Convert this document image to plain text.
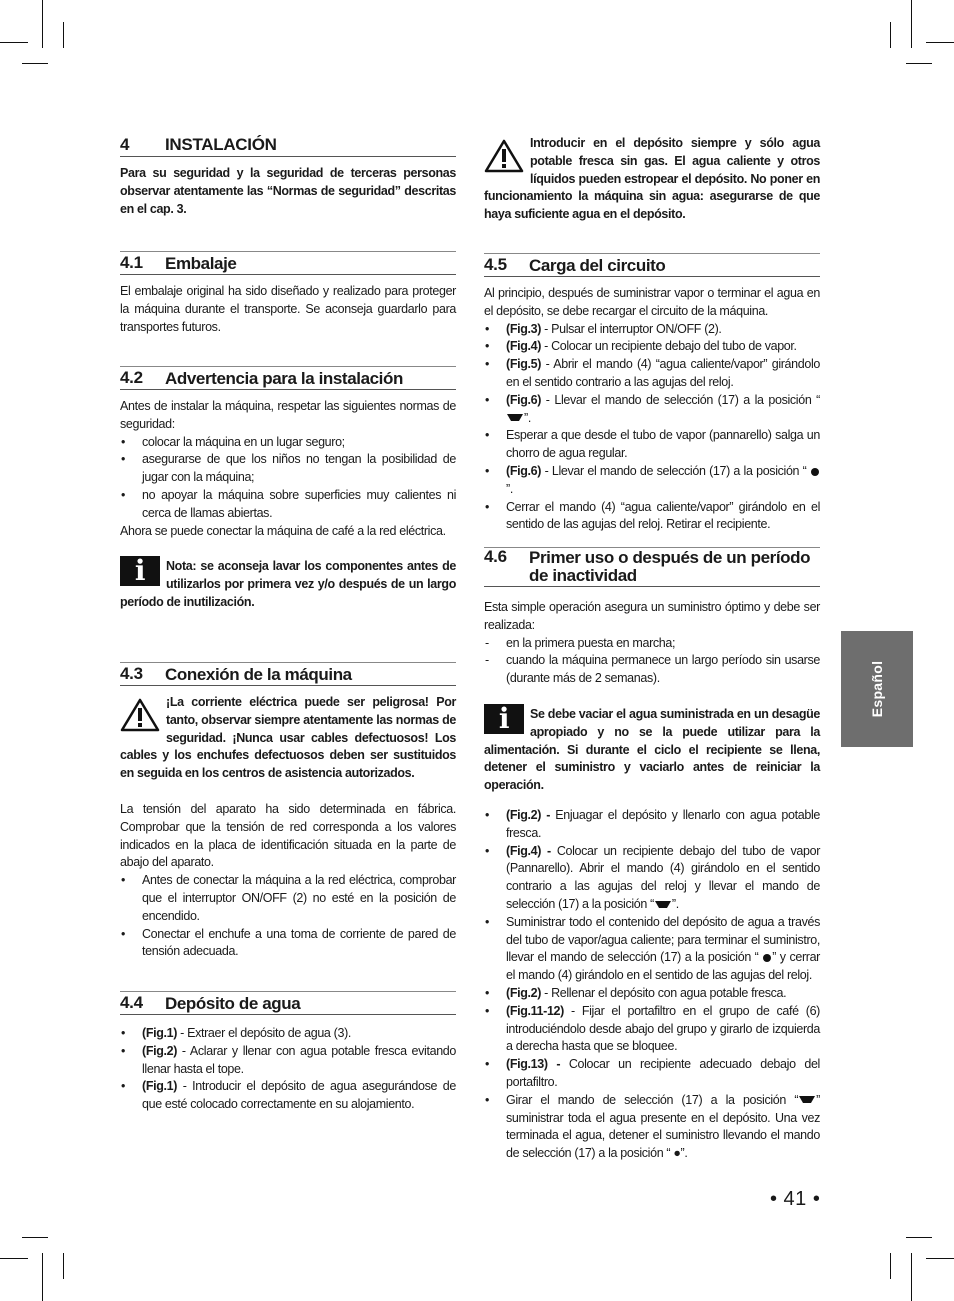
4 INSTALACIÓN

Para su seguridad y la seguridad de terceras personas observar atentamente las “Normas de seguridad” descritas en el cap. 3.

4.1 Embalaje

El embalaje original ha sido diseñado y realizado para proteger la máquina durante el transporte. Se aconseja guardarlo para transportes futuros.

4.2 Advertencia para la instalación

Antes de instalar la máquina, respetar las siguientes normas de seguridad:

• colocar la máquina en un lugar seguro;
• asegurarse de que los niños no tengan la posibilidad de jugar con la máquina;
• no apoyar la máquina sobre superficies muy calientes ni cerca de llamas abiertas.

Ahora se puede conectar la máquina de café a la red eléctrica.

i	Nota: se aconseja lavar los componentes antes de utilizarlos por primera vez y/o después de un largo período de inutilización.
4.3 Conexión de la máquina
¡La corriente eléctrica puede ser peligrosa! Por tanto, observar siempre atentamente las normas de seguridad. ¡Nunca usar cables defectuosos! Los cables y los enchufes defectuosos deben ser sustituidos en seguida en los centros de asistencia autorizados.

La tensión del aparato ha sido determinada en fábrica. Comprobar que la tensión de red corresponda a los valores indicados en la placa de identificación situada en la parte de abajo del aparato.

• Antes de conectar la máquina a la red eléctrica, comprobar que el interruptor ON/OFF (2) no esté en la posición de encendido.
• Conectar el enchufe a una toma de corriente de pared de tensión adecuada.
4.4 Depósito de agua
• (Fig.1) - Extraer el depósito de agua (3).
• (Fig.2) - Aclarar y llenar con agua potable fresca evitando llenar hasta el tope.
• (Fig.1) - Introducir el depósito de agua asegurándose de que esté colocado correctamente en su alojamiento.
Introducir en el depósito siempre y sólo agua potable fresca sin gas. El agua caliente y otros líquidos pueden estropear el depósito. No poner en funcionamiento la máquina sin agua: asegurarse de que haya suficiente agua en el depósito.
4.5 Carga del circuito

Al principio, después de suministrar vapor o terminar el agua en el depósito, se debe recargar el circuito de la máquina.

• (Fig.3) - Pulsar el interruptor ON/OFF (2).
• (Fig.4) - Colocar un recipiente debajo del tubo de vapor.
• (Fig.5) - Abrir el mando (4) “agua caliente/vapor” girándolo en el sentido contrario a las agujas del reloj.
• (Fig.6) - Llevar el mando de selección (17) a la posición “”.
• Esperar a que desde el tubo de vapor (pannarello) salga un chorro de agua regular.
• (Fig.6) - Llevar el mando de selección (17) a la posición “ ”.
• Cerrar el mando (4) “agua caliente/vapor” girándolo en el sentido de las agujas del reloj. Retirar el recipiente.
4.6 Primer uso o después de un período
de inactividad

Esta simple operación asegura un suministro óptimo y debe ser realizada:

- en la primera puesta en marcha;
- cuando la máquina permanece un largo período sin usarse (durante más de 2 semanas).
i	Se debe vaciar el agua suministrada en un desagüe apropiado y no se la puede utilizar para la alimentación. Si durante el ciclo el recipiente se llena, detener el suministro y vaciarlo antes de reiniciar la operación.
• (Fig.2) - Enjuagar el depósito y llenarlo con agua potable fresca.
• (Fig.4) - Colocar un recipiente debajo del tubo de vapor (Pannarello). Abrir el mando (4) girándolo en el sentido contrario a las agujas del reloj y llevar el mando de selección (17) a la posición “ ”.
• Suministrar todo el contenido del depósito de agua a través del tubo de vapor/agua caliente; para terminar el suministro, llevar el mando de selección (17) a la posición “ ” y cerrar el mando (4) girándolo en el sentido de las agujas del reloj.
• (Fig.2) - Rellenar el depósito con agua potable fresca.
• (Fig.11-12) - Fijar el portafiltro en el grupo de café (6) introduciéndolo desde abajo del grupo y girarlo de izquierda a derecha hasta que se bloquee.
• (Fig.13) - Colocar un recipiente adecuado debajo del portafiltro.
• Girar el mando de selección (17) a la posición “ ” suministrar toda el agua presente en el depósito. Una vez terminada el agua, detener el suministro llevando el mando de selección (17) a la posición “ ●”.
Español
• 41 •
